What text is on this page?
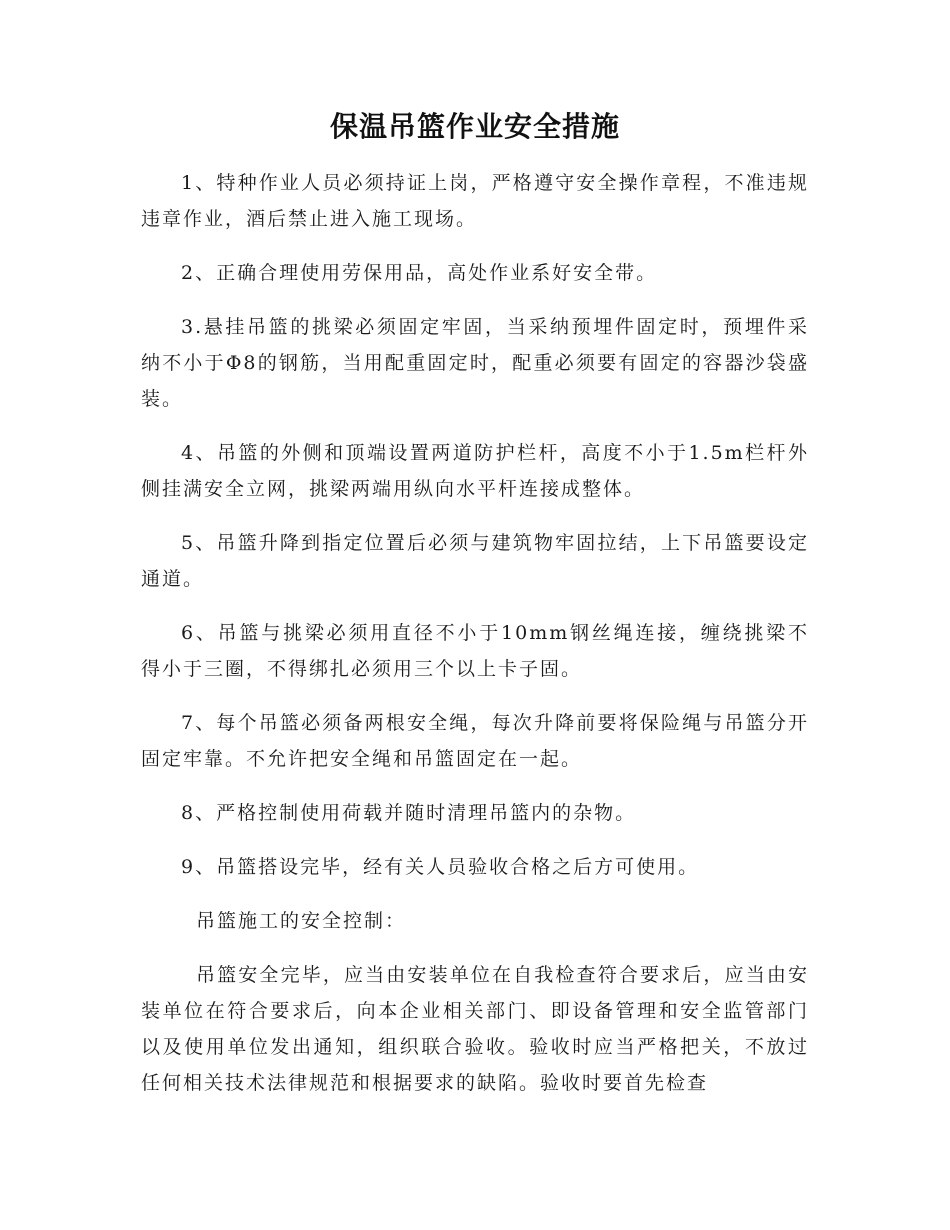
保温吊篮作业安全措施

1、特种作业人员必须持证上岗，严格遵守安全操作章程，不准违规违章作业，酒后禁止进入施工现场。

2、正确合理使用劳保用品，高处作业系好安全带。

3.悬挂吊篮的挑梁必须固定牢固，当采纳预埋件固定时，预埋件采纳不小于Φ8的钢筋，当用配重固定时，配重必须要有固定的容器沙袋盛装。

4、吊篮的外侧和顶端设置两道防护栏杆，高度不小于1.5m栏杆外侧挂满安全立网，挑梁两端用纵向水平杆连接成整体。

5、吊篮升降到指定位置后必须与建筑物牢固拉结，上下吊篮要设定通道。

6、吊篮与挑梁必须用直径不小于10mm钢丝绳连接，缠绕挑梁不得小于三圈，不得绑扎必须用三个以上卡子固。

7、每个吊篮必须备两根安全绳，每次升降前要将保险绳与吊篮分开固定牢靠。不允许把安全绳和吊篮固定在一起。

8、严格控制使用荷载并随时清理吊篮内的杂物。

9、吊篮搭设完毕，经有关人员验收合格之后方可使用。

吊篮施工的安全控制：

吊篮安全完毕，应当由安装单位在自我检查符合要求后，应当由安装单位在符合要求后，向本企业相关部门、即设备管理和安全监管部门以及使用单位发出通知，组织联合验收。验收时应当严格把关，不放过任何相关技术法律规范和根据要求的缺陷。验收时要首先检查
